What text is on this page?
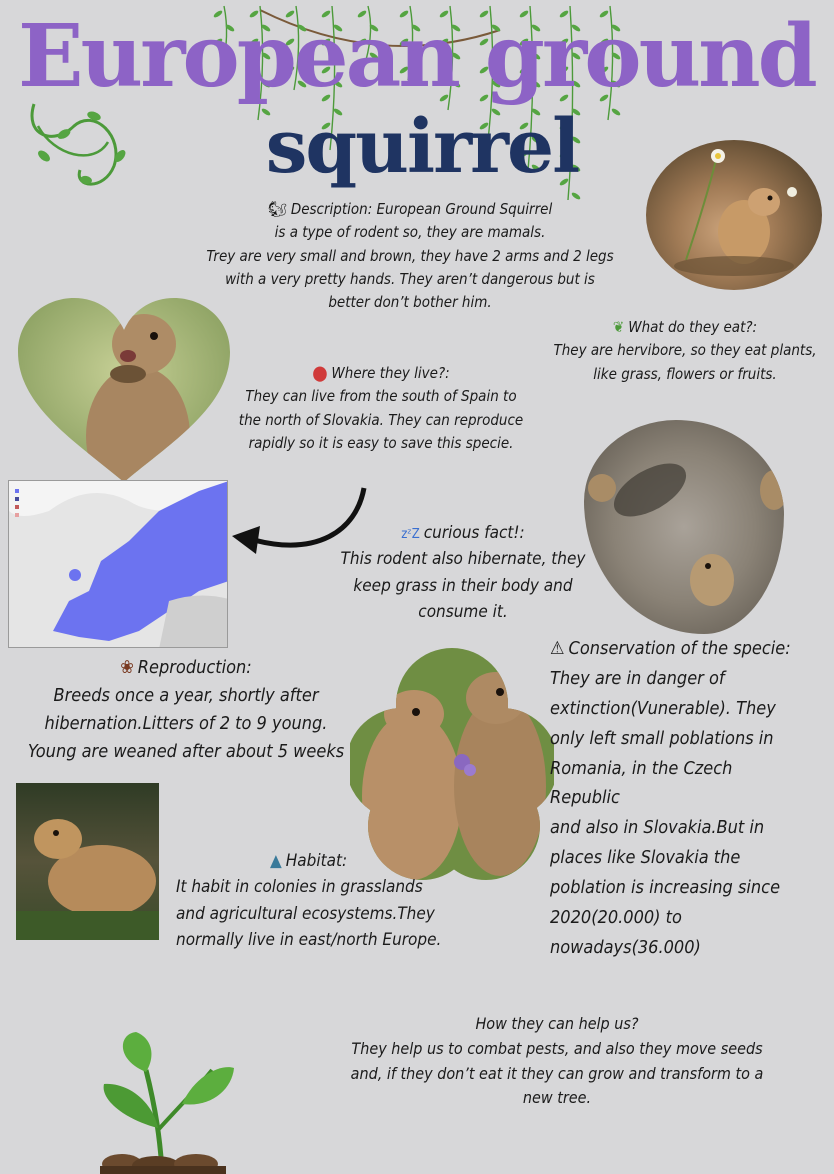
European ground
squirrel
🐿 Description: European Ground Squirrel
is a type of rodent so, they are mamals.
Trey are very small and brown, they have 2 arms and 2 legs
with a very pretty hands. They aren’t dangerous but is
better don’t bother him.
❦ What do they eat?:
They are hervibore, so they eat plants,
like grass, flowers or fruits.
⬤ Where they live?:
They can live from the south of Spain to
the north of Slovakia. They can reproduce
rapidly so it is easy to save this specie.
zᶻZ curious fact!:
This rodent also hibernate, they
keep grass in their body and
consume it.
❀ Reproduction:
Breeds once a year, shortly after
hibernation.Litters of 2 to 9 young.
Young are weaned after about 5 weeks
▲ Habitat:
It habit in colonies in grasslands
and agricultural ecosystems.They
normally live in east/north Europe.
⚠ Conservation of the specie:
They are in danger of
extinction(Vunerable). They
only left small poblations in
Romania, in the Czech
Republic
and also in Slovakia.But in
places like Slovakia the
poblation is increasing since
2020(20.000) to
nowadays(36.000)
How they can help us?
They help us to combat pests, and also they move seeds
and, if they don’t eat it they can grow and transform to a
new tree.
